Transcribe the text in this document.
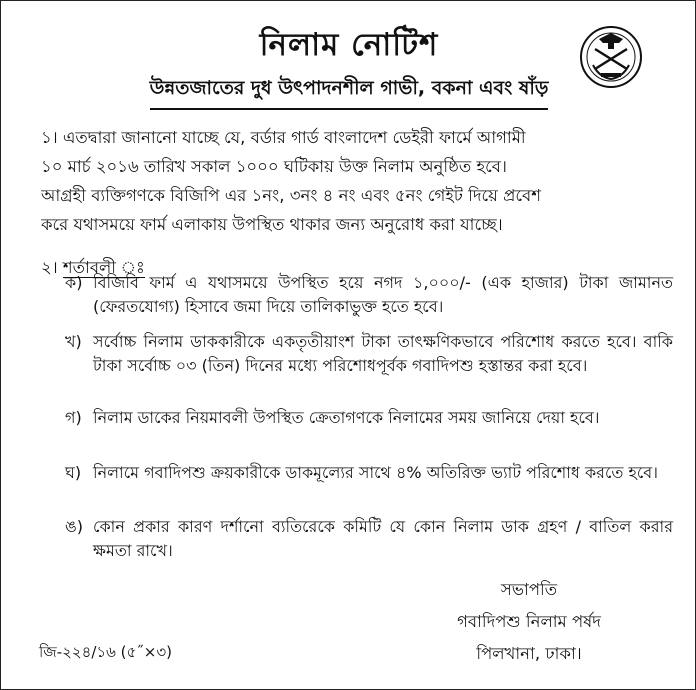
নিলাম নোটিশ
উন্নতজাতের দুধ উৎপাদনশীল গাভী, বকনা এবং ষাঁড়

১। এতদ্বারা জানানো যাচ্ছে যে, বর্ডার গার্ড বাংলাদেশ ডেইরী ফার্মে আগামী

১০ মার্চ ২০১৬ তারিখ সকাল ১০০০ ঘটিকায় উক্ত নিলাম অনুষ্ঠিত হবে।

আগ্রহী ব্যক্তিগণকে বিজিপি এর ১নং, ৩নং ৪ নং এবং ৫নং গেইট দিয়ে প্রবেশ

করে যথাসময়ে ফার্ম এলাকায় উপস্থিত থাকার জন্য অনুরোধ করা যাচ্ছে।

২। শর্তাবলী ঃ
ক) বিজিবি ফার্ম এ যথাসময়ে উপস্থিত হয়ে নগদ ১,০০০/- (এক হাজার) টাকা জামানত (ফেরতযোগ্য) হিসাবে জমা দিয়ে তালিকাভুক্ত হতে হবে।
খ) সর্বোচ্চ নিলাম ডাককারীকে একতৃতীয়াংশ টাকা তাৎক্ষণিকভাবে পরিশোধ করতে হবে। বাকি টাকা সর্বোচ্চ ০৩ (তিন) দিনের মধ্যে পরিশোধপূর্বক গবাদিপশু হস্তান্তর করা হবে।
গ) নিলাম ডাকের নিয়মাবলী উপস্থিত ক্রেতাগণকে নিলামের সময় জানিয়ে দেয়া হবে।
ঘ) নিলামে গবাদিপশু ক্রয়কারীকে ডাকমূল্যের সাথে ৪% অতিরিক্ত ভ্যাট পরিশোধ করতে হবে।
ঙ) কোন প্রকার কারণ দর্শানো ব্যতিরেকে কমিটি যে কোন নিলাম ডাক গ্রহণ / বাতিল করার ক্ষমতা রাখে।
সভাপতি
গবাদিপশু নিলাম পর্ষদ
পিলখানা, ঢাকা।
জি-২২৪/১৬ (৫˝×৩)
